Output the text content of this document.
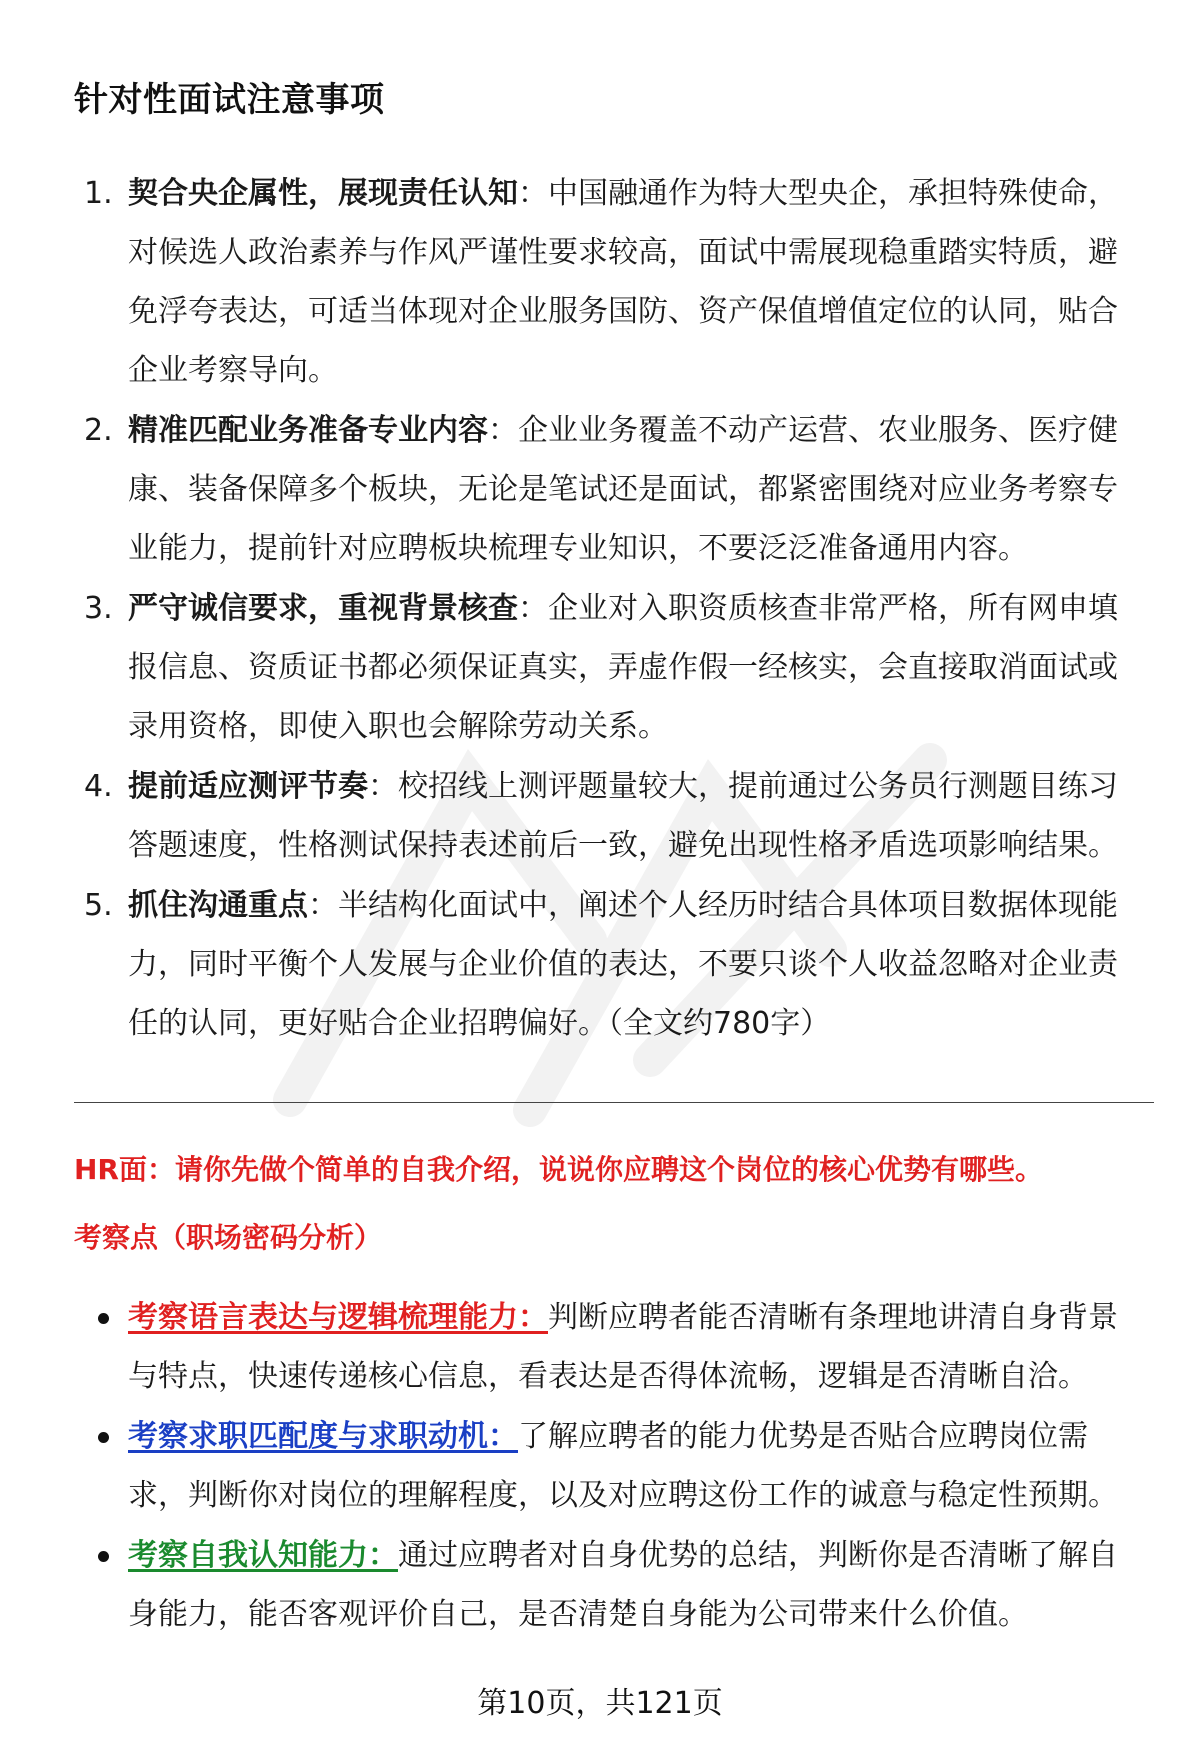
针对性面试注意事项
1. 契合央企属性，展现责任认知：中国融通作为特大型央企，承担特殊使命，对候选人政治素养与作风严谨性要求较高，面试中需展现稳重踏实特质，避免浮夸表达，可适当体现对企业服务国防、资产保值增值定位的认同，贴合企业考察导向。
2. 精准匹配业务准备专业内容：企业业务覆盖不动产运营、农业服务、医疗健康、装备保障多个板块，无论是笔试还是面试，都紧密围绕对应业务考察专业能力，提前针对应聘板块梳理专业知识，不要泛泛准备通用内容。
3. 严守诚信要求，重视背景核查：企业对入职资质核查非常严格，所有网申填报信息、资质证书都必须保证真实，弄虚作假一经核实，会直接取消面试或录用资格，即使入职也会解除劳动关系。
4. 提前适应测评节奏：校招线上测评题量较大，提前通过公务员行测题目练习答题速度，性格测试保持表述前后一致，避免出现性格矛盾选项影响结果。
5. 抓住沟通重点：半结构化面试中，阐述个人经历时结合具体项目数据体现能力，同时平衡个人发展与企业价值的表达，不要只谈个人收益忽略对企业责任的认同，更好贴合企业招聘偏好。（全文约780字）
HR面：请你先做个简单的自我介绍，说说你应聘这个岗位的核心优势有哪些。
考察点（职场密码分析）
考察语言表达与逻辑梳理能力：判断应聘者能否清晰有条理地讲清自身背景与特点，快速传递核心信息，看表达是否得体流畅，逻辑是否清晰自洽。
考察求职匹配度与求职动机：了解应聘者的能力优势是否贴合应聘岗位需求，判断你对岗位的理解程度，以及对应聘这份工作的诚意与稳定性预期。
考察自我认知能力：通过应聘者对自身优势的总结，判断你是否清晰了解自身能力，能否客观评价自己，是否清楚自身能为公司带来什么价值。
第10页，共121页
